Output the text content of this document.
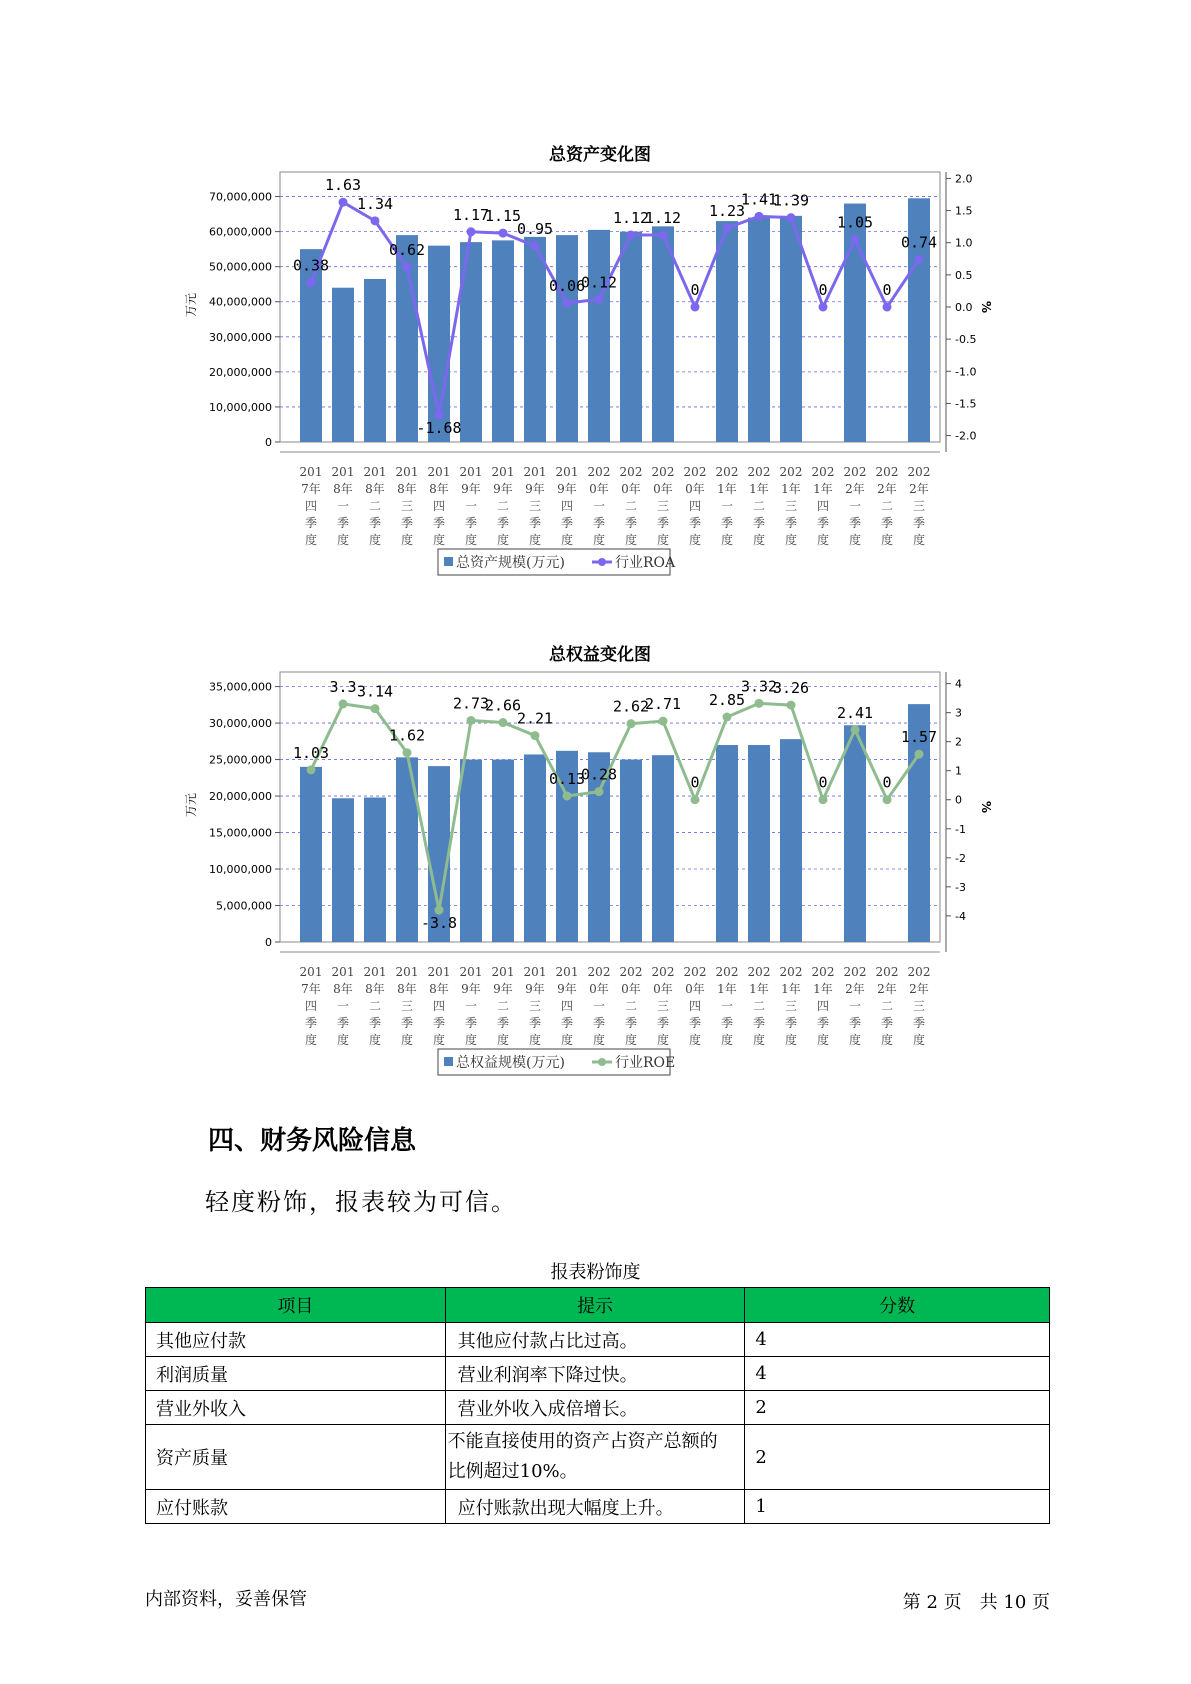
总资产变化图
0
10,000,000
20,000,000
30,000,000
40,000,000
50,000,000
60,000,000
70,000,000
2.0
1.5
1.0
0.5
0.0
-0.5
-1.0
-1.5
-2.0
万元	%
201 7年四季度
201 8年一季度
201 8年二季度
201 8年三季度
201 8年四季度
201 9年一季度
201 9年二季度
201 9年三季度
201 9年四季度
202 0年一季度
202 0年二季度
202 0年三季度
202 0年四季度
202 1年一季度
202 1年二季度
202 1年三季度
202 1年四季度
202 2年一季度
202 2年二季度
202 2年三季度
0.38
1.63
1.34
0.62
-1.68
1.17
1.15
0.95
0.06
0.12
1.12
1.12
0
1.23
1.41
1.39
0
1.05
0
0.74
总资产规模(万元)	行业ROA
总权益变化图
0
5,000,000
10,000,000
15,000,000
20,000,000
25,000,000
30,000,000
35,000,000	4
3
2
1
0
-1
-2
-3
-4
万元	%
201 7年四季度
201 8年一季度
201 8年二季度
201 8年三季度
201 8年四季度
201 9年一季度
201 9年二季度
201 9年三季度
201 9年四季度
202 0年一季度
202 0年二季度
202 0年三季度
202 0年四季度
202 1年一季度
202 1年二季度
202 1年三季度
202 1年四季度
202 2年一季度
202 2年二季度
202 2年三季度
1.03
3.3 3.14
1.62
-3.8
2.73
2.66
2.21
0.13
0.28
2.62
2.71
0
2.85
3.32
3.26
0
2.41
0
1.57
总权益规模(万元)	行业ROE
四、财务风险信息
轻度粉饰，报表较为可信。
报表粉饰度
项目	提示	分数
其他应付款	其他应付款占比过高。	4
利润质量	营业利润率下降过快。	4
营业外收入	营业外收入成倍增长。	2
资产质量	不能直接使用的资产占资产总额的比例超过10%。	2
应付账款	应付账款出现大幅度上升。	1
内部资料，妥善保管	第 2 页　共 10 页
